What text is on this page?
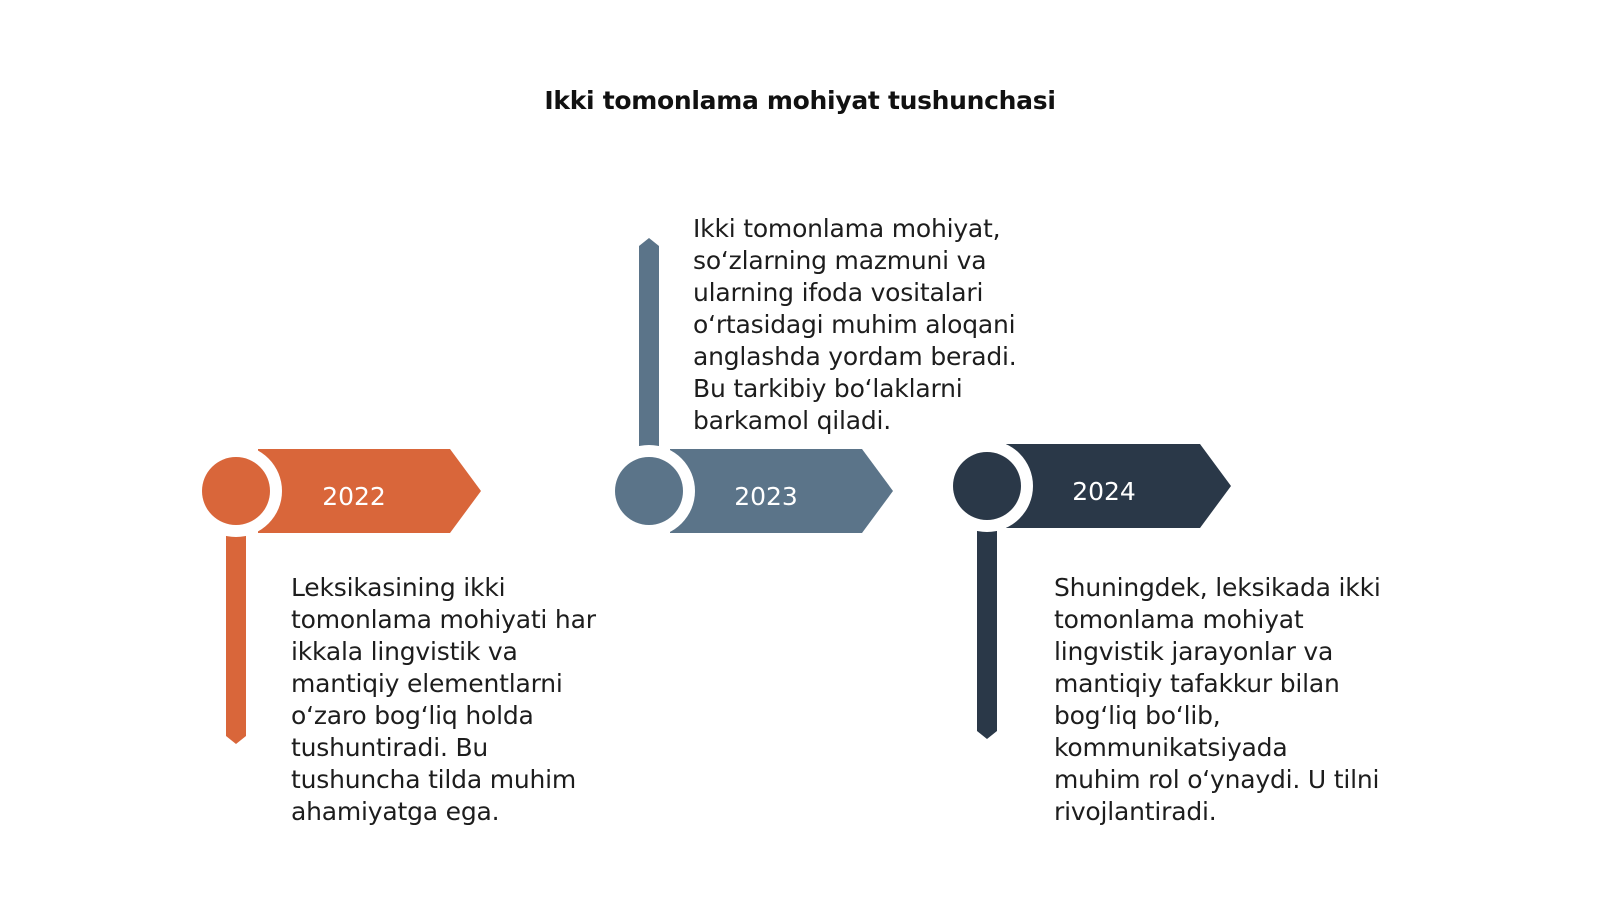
Ikki tomonlama mohiyat tushunchasi
2022	2023	2024
Leksikasining ikki
tomonlama mohiyati har
ikkala lingvistik va
mantiqiy elementlarni
o‘zaro bog‘liq holda
tushuntiradi. Bu
tushuncha tilda muhim
ahamiyatga ega.
Ikki tomonlama mohiyat,
so‘zlarning mazmuni va
ularning ifoda vositalari
o‘rtasidagi muhim aloqani
anglashda yordam beradi.
Bu tarkibiy bo‘laklarni
barkamol qiladi.
Shuningdek, leksikada ikki
tomonlama mohiyat
lingvistik jarayonlar va
mantiqiy tafakkur bilan
bog‘liq bo‘lib,
kommunikatsiyada
muhim rol o‘ynaydi. U tilni
rivojlantiradi.
